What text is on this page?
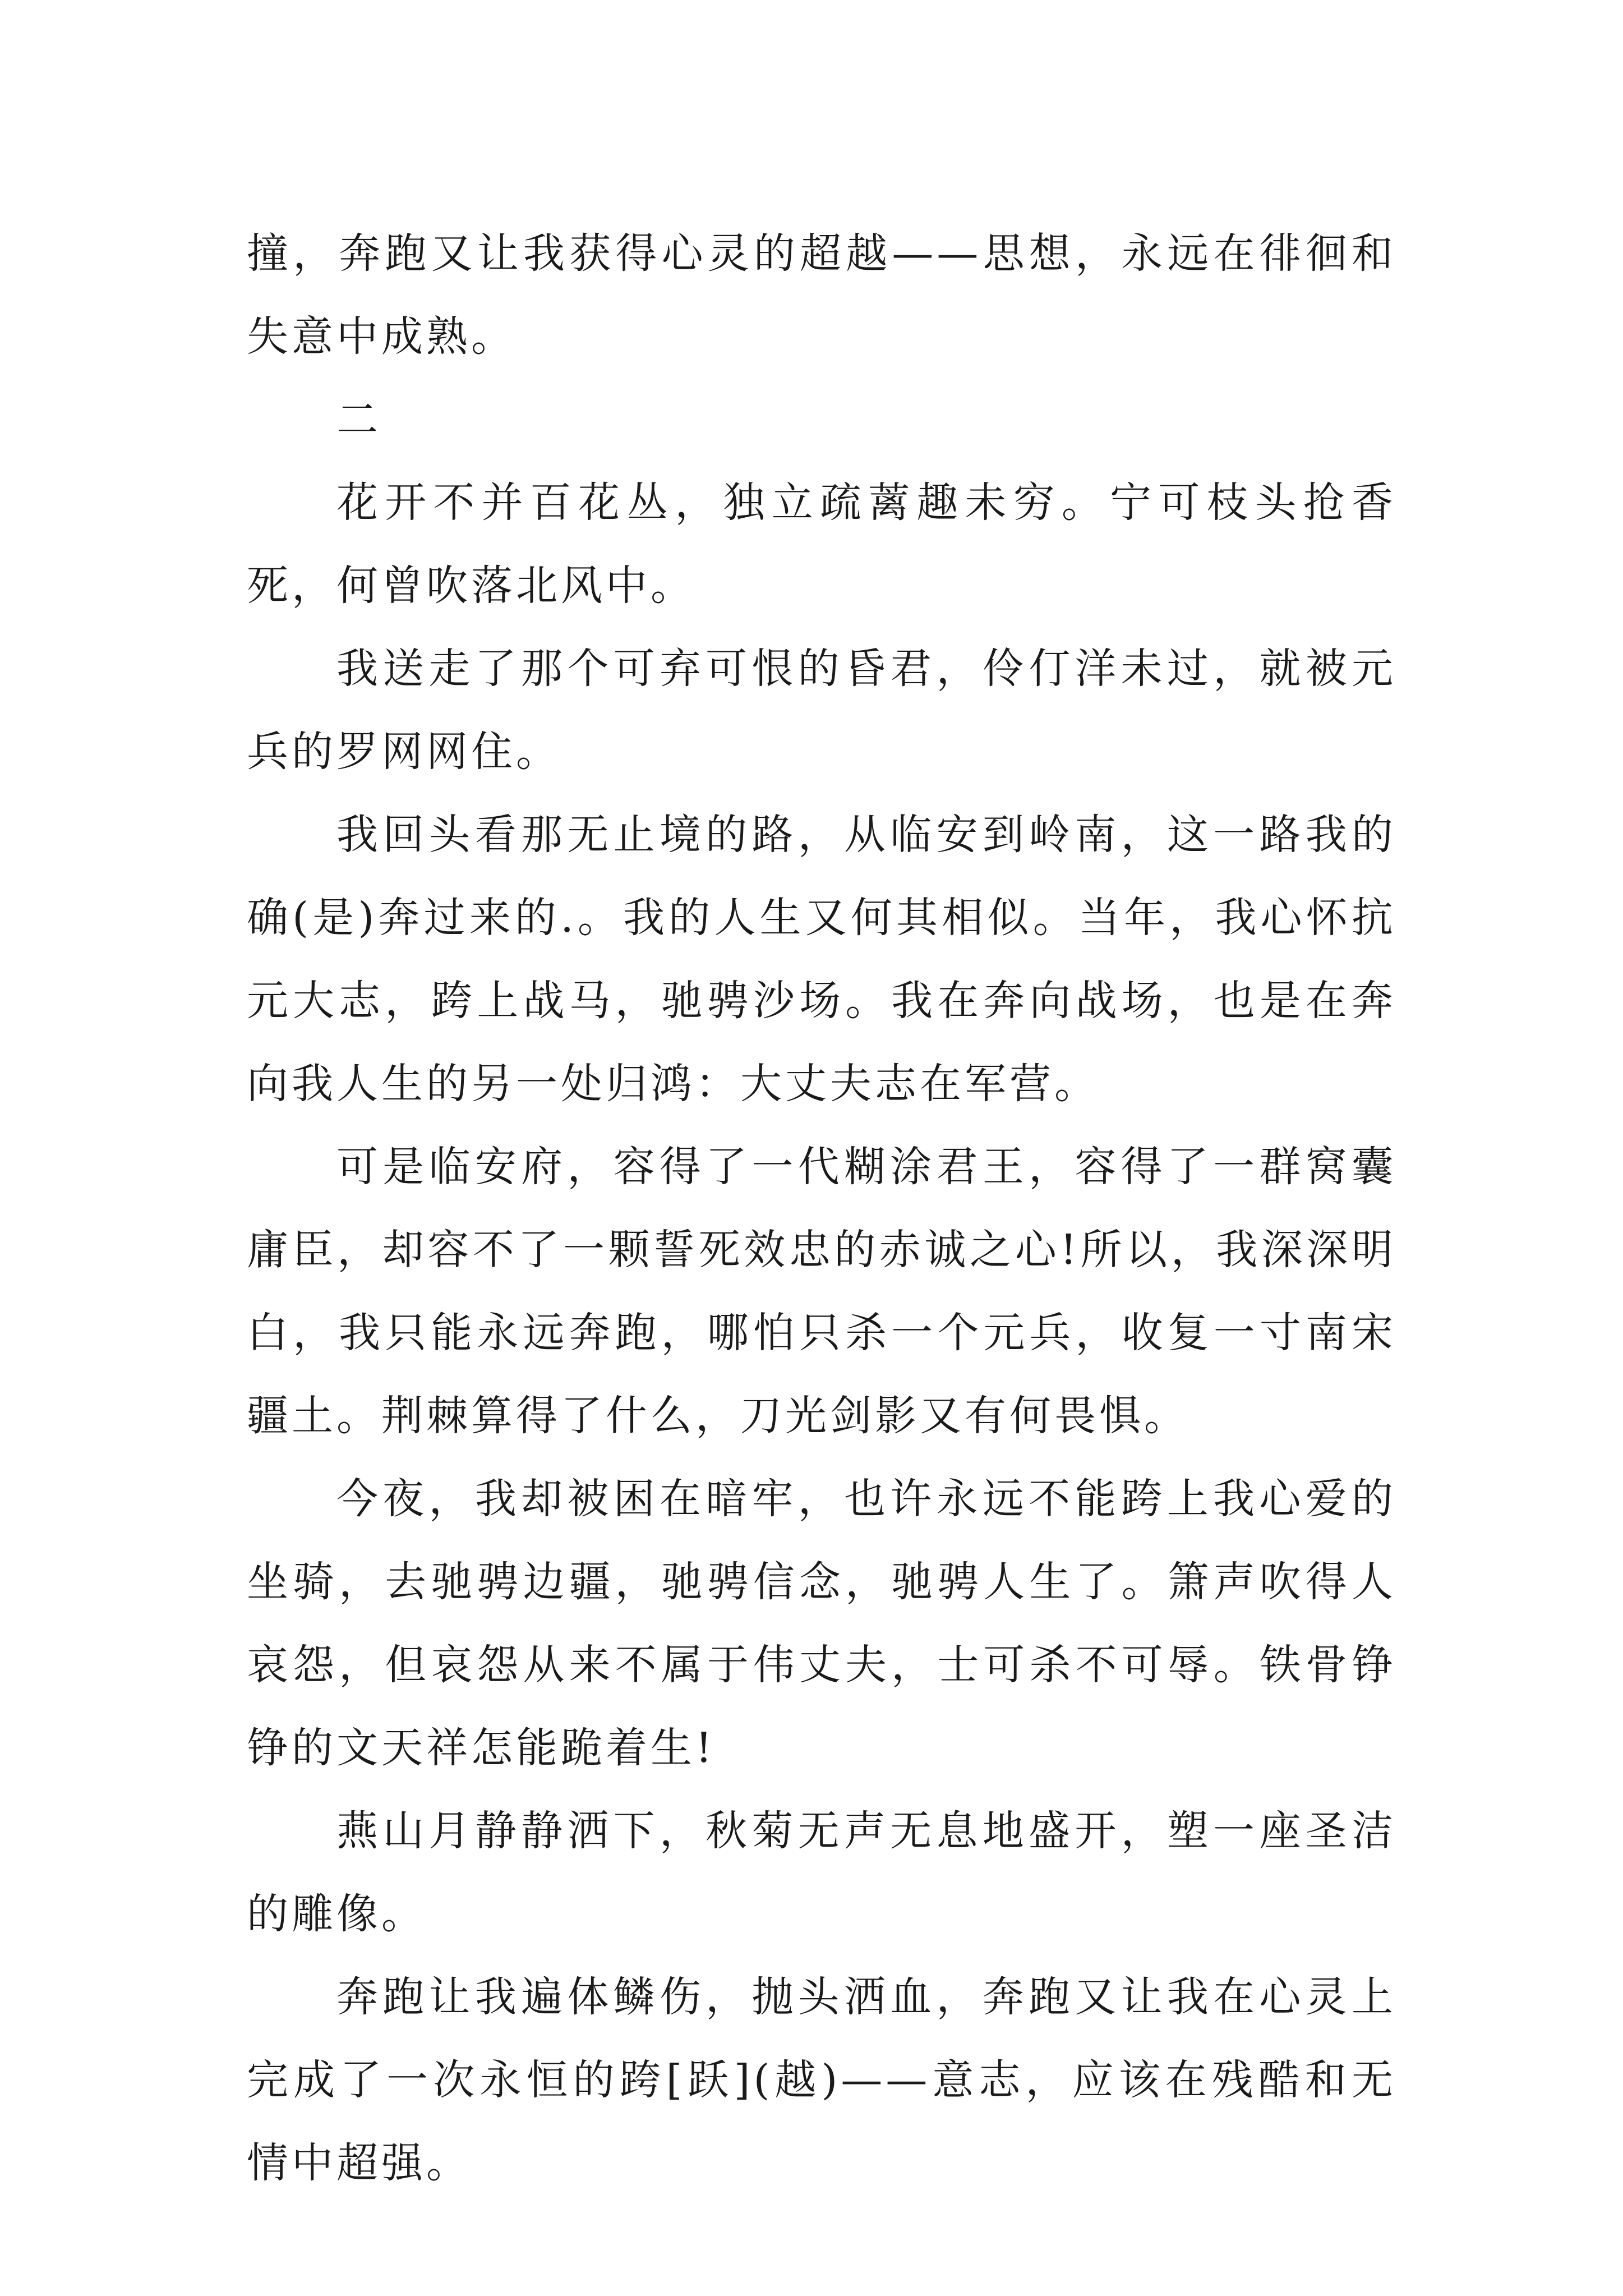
撞，奔跑又让我获得心灵的超越——思想，永远在徘徊和失意中成熟。

二

花开不并百花丛，独立疏蓠趣未穷。宁可枝头抢香死，何曾吹落北风中。

我送走了那个可弃可恨的昏君，伶仃洋未过，就被元兵的罗网网住。

我回头看那无止境的路，从临安到岭南，这一路我的确(是)奔过来的.。我的人生又何其相似。当年，我心怀抗元大志，跨上战马，驰骋沙场。我在奔向战场，也是在奔向我人生的另一处归鸿：大丈夫志在军营。

可是临安府，容得了一代糊涂君王，容得了一群窝囊庸臣，却容不了一颗誓死效忠的赤诚之心!所以，我深深明白，我只能永远奔跑，哪怕只杀一个元兵，收复一寸南宋疆土。荆棘算得了什么，刀光剑影又有何畏惧。

今夜，我却被困在暗牢，也许永远不能跨上我心爱的坐骑，去驰骋边疆，驰骋信念，驰骋人生了。箫声吹得人哀怨，但哀怨从来不属于伟丈夫，士可杀不可辱。铁骨铮铮的文天祥怎能跪着生!

燕山月静静洒下，秋菊无声无息地盛开，塑一座圣洁的雕像。

奔跑让我遍体鳞伤，抛头洒血，奔跑又让我在心灵上完成了一次永恒的跨[跃](越)——意志，应该在残酷和无情中超强。
